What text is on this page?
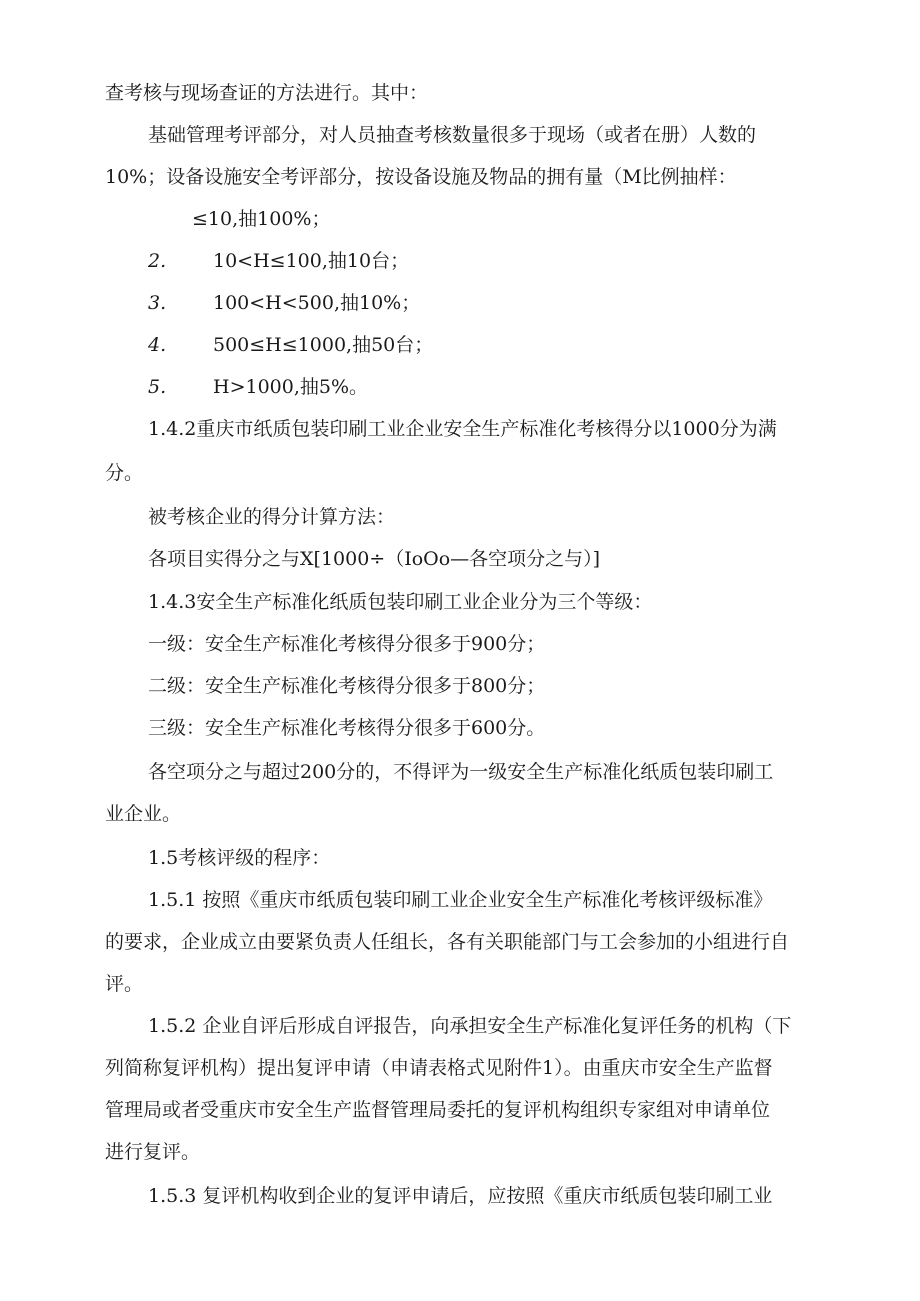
查考核与现场查证的方法进行。其中：
基础管理考评部分，对人员抽查考核数量很多于现场（或者在册）人数的
10%；设备设施安全考评部分，按设备设施及物品的拥有量（M比例抽样：
≤10,抽100%；
2. 10<H≤100,抽10台；
3. 100<H<500,抽10%；
4. 500≤H≤1000,抽50台；
5. H>1000,抽5%。
1.4.2重庆市纸质包装印刷工业企业安全生产标准化考核得分以1000分为满
分。
被考核企业的得分计算方法：
各项目实得分之与X[1000÷（IoOo—各空项分之与）]
1.4.3安全生产标准化纸质包装印刷工业企业分为三个等级：
一级：安全生产标准化考核得分很多于900分；
二级：安全生产标准化考核得分很多于800分；
三级：安全生产标准化考核得分很多于600分。
各空项分之与超过200分的，不得评为一级安全生产标准化纸质包装印刷工
业企业。
1.5考核评级的程序：
1.5.1 按照《重庆市纸质包装印刷工业企业安全生产标准化考核评级标准》
的要求，企业成立由要紧负责人任组长，各有关职能部门与工会参加的小组进行自
评。
1.5.2 企业自评后形成自评报告，向承担安全生产标准化复评任务的机构（下
列简称复评机构）提出复评申请（申请表格式见附件1）。由重庆市安全生产监督
管理局或者受重庆市安全生产监督管理局委托的复评机构组织专家组对申请单位
进行复评。
1.5.3 复评机构收到企业的复评申请后，应按照《重庆市纸质包装印刷工业
